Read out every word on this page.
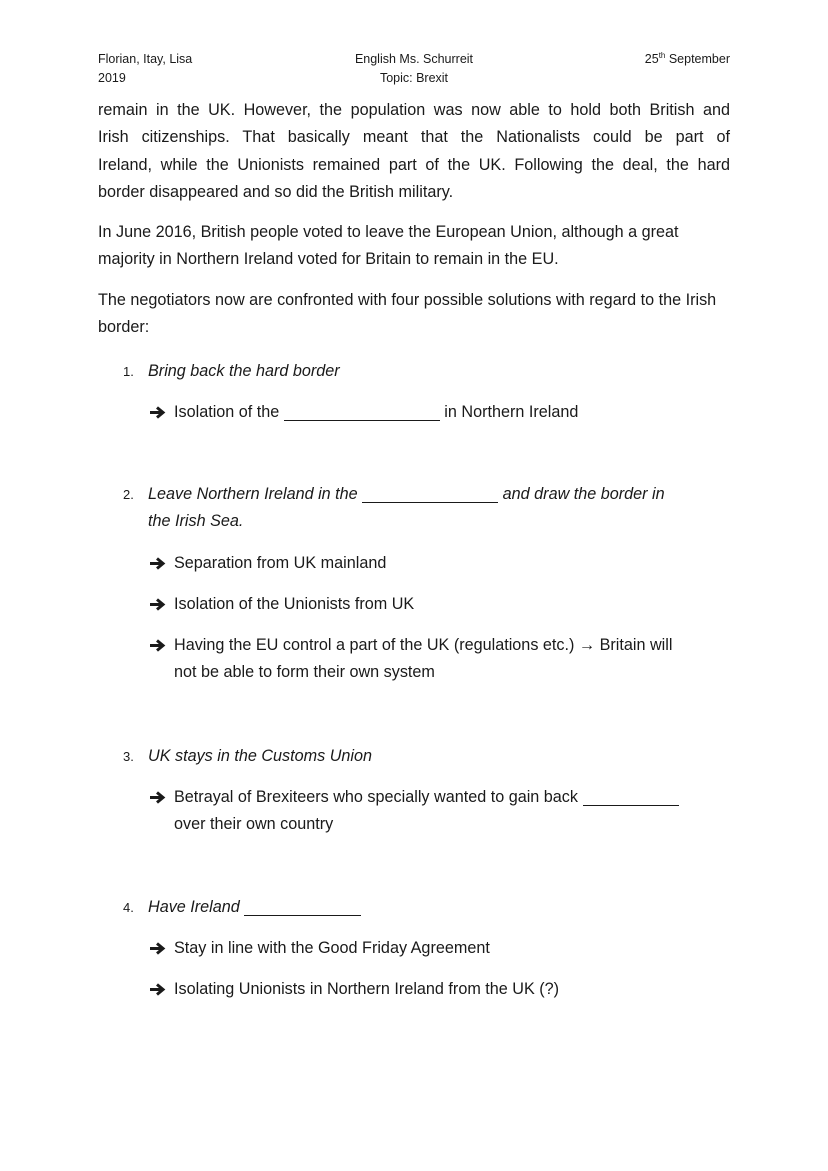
Florian, Itay, Lisa
2019
English Ms. Schurreit
Topic: Brexit
25th September

remain in the UK. However, the population was now able to hold both British and
Irish citizenships. That basically meant that the Nationalists could be part of
Ireland, while the Unionists remained part of the UK. Following the deal, the hard
border disappeared and so did the British military.

In June 2016, British people voted to leave the European Union, although a great majority in Northern Ireland voted for Britain to remain in the EU.

The negotiators now are confronted with four possible solutions with regard to the Irish border:

1. Bring back the hard border
Isolation of the	in Northern Ireland
2. Leave Northern Ireland in the	and draw the border in
the Irish Sea.
Separation from UK mainland
Isolation of the Unionists from UK
Having the EU control a part of the UK (regulations etc.) → Britain will
not be able to form their own system
3. UK stays in the Customs Union
Betrayal of Brexiteers who specially wanted to gain back
over their own country
4. Have Ireland
Stay in line with the Good Friday Agreement
Isolating Unionists in Northern Ireland from the UK (?)
